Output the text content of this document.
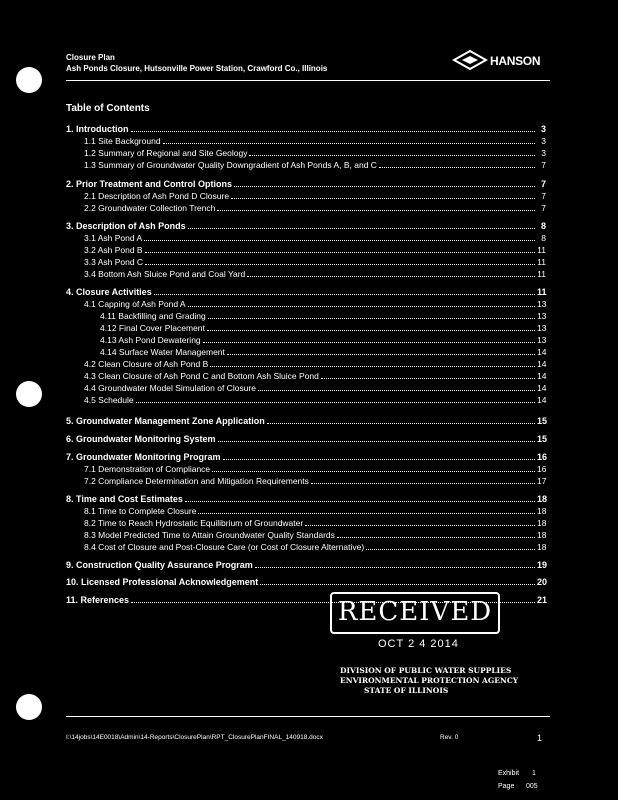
Closure Plan
Ash Ponds Closure, Hutsonville Power Station, Crawford Co., Illinois
HANSON
Table of Contents
1. Introduction	3
1.1 Site Background	3
1.2 Summary of Regional and Site Geology	3
1.3 Summary of Groundwater Quality Downgradient of Ash Ponds A, B, and C	7
2. Prior Treatment and Control Options	7
2.1 Description of Ash Pond D Closure	7
2.2 Groundwater Collection Trench	7
3. Description of Ash Ponds	8
3.1 Ash Pond A	8
3.2 Ash Pond B	11
3.3 Ash Pond C	11
3.4 Bottom Ash Sluice Pond and Coal Yard	11
4. Closure Activities	11
4.1 Capping of Ash Pond A	13
4.11 Backfilling and Grading	13
4.12 Final Cover Placement	13
4.13 Ash Pond Dewatering	13
4.14 Surface Water Management	14
4.2 Clean Closure of Ash Pond B	14
4.3 Clean Closure of Ash Pond C and Bottom Ash Sluice Pond	14
4.4 Groundwater Model Simulation of Closure	14
4.5 Schedule	14
5. Groundwater Management Zone Application	15
6. Groundwater Monitoring System	15
7. Groundwater Monitoring Program	16
7.1 Demonstration of Compliance	16
7.2 Compliance Determination and Mitigation Requirements	17
8. Time and Cost Estimates	18
8.1 Time to Complete Closure	18
8.2 Time to Reach Hydrostatic Equilibrium of Groundwater	18
8.3 Model Predicted Time to Attain Groundwater Quality Standards	18
8.4 Cost of Closure and Post-Closure Care (or Cost of Closure Alternative)	18
9. Construction Quality Assurance Program	19
10. Licensed Professional Acknowledgement	20
11. References	21
RECEIVED
OCT 2 4 2014
DIVISION OF PUBLIC WATER SUPPLIES
ENVIRONMENTAL PROTECTION AGENCY
STATE OF ILLINOIS
I:\14jobs\14E0018\Admin\14-Reports\ClosurePlan\RPT_ClosurePlanFINAL_140918.docx	Rev. 0	1
Exhibit 1
Page 005
